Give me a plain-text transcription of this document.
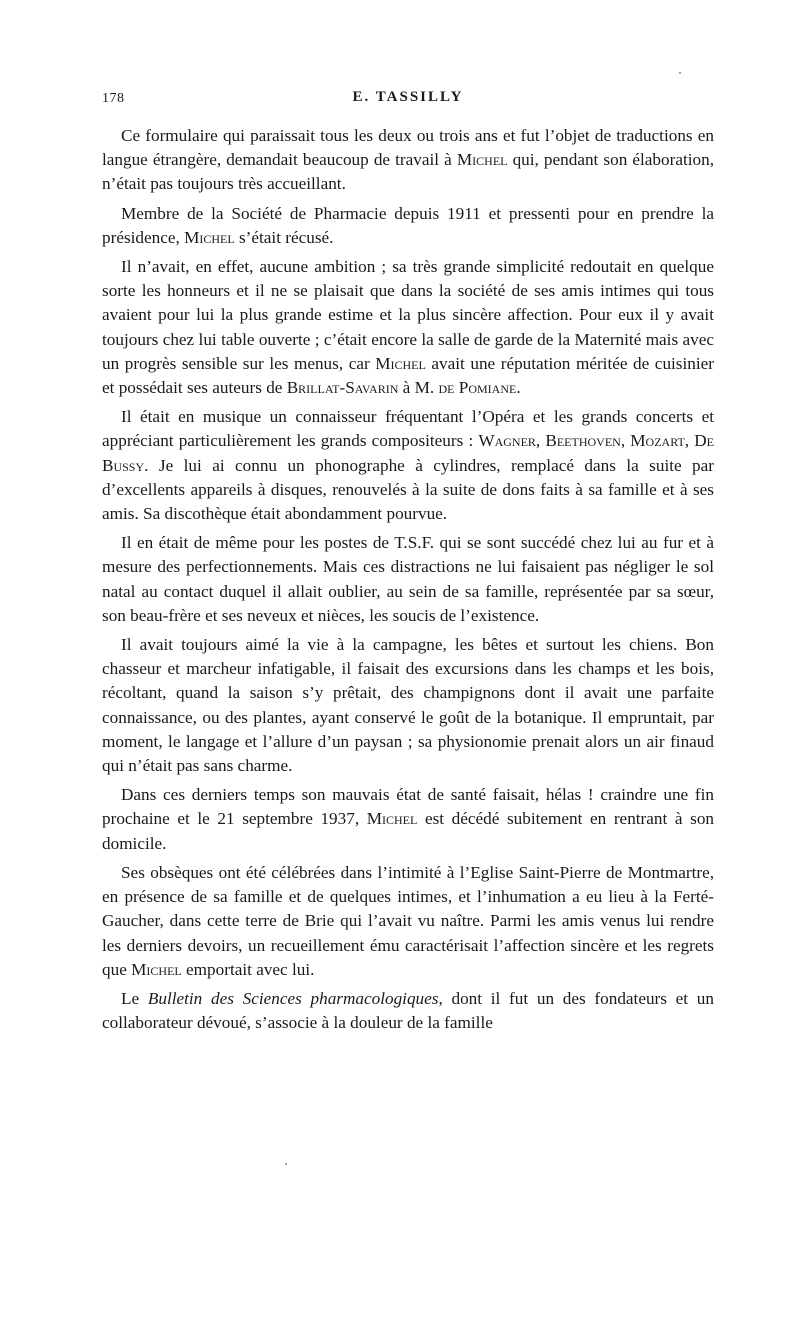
178	E. TASSILLY

Ce formulaire qui paraissait tous les deux ou trois ans et fut l’objet de traductions en langue étrangère, demandait beaucoup de travail à Michel qui, pendant son élaboration, n’était pas toujours très accueillant.

Membre de la Société de Pharmacie depuis 1911 et pressenti pour en prendre la présidence, Michel s’était récusé.

Il n’avait, en effet, aucune ambition ; sa très grande simplicité redoutait en quelque sorte les honneurs et il ne se plaisait que dans la société de ses amis intimes qui tous avaient pour lui la plus grande estime et la plus sincère affection. Pour eux il y avait toujours chez lui table ouverte ; c’était encore la salle de garde de la Maternité mais avec un progrès sensible sur les menus, car Michel avait une réputation méritée de cuisinier et possédait ses auteurs de Brillat-Savarin à M. de Pomiane.

Il était en musique un connaisseur fréquentant l’Opéra et les grands concerts et appréciant particulièrement les grands compositeurs : Wagner, Beethoven, Mozart, De Bussy. Je lui ai connu un phonographe à cylindres, remplacé dans la suite par d’excellents appareils à disques, renouvelés à la suite de dons faits à sa famille et à ses amis. Sa discothèque était abondamment pourvue.

Il en était de même pour les postes de T.S.F. qui se sont succédé chez lui au fur et à mesure des perfectionnements. Mais ces distractions ne lui faisaient pas négliger le sol natal au contact duquel il allait oublier, au sein de sa famille, représentée par sa sœur, son beau-frère et ses neveux et nièces, les soucis de l’existence.

Il avait toujours aimé la vie à la campagne, les bêtes et surtout les chiens. Bon chasseur et marcheur infatigable, il faisait des excursions dans les champs et les bois, récoltant, quand la saison s’y prêtait, des champignons dont il avait une parfaite connaissance, ou des plantes, ayant conservé le goût de la botanique. Il empruntait, par moment, le langage et l’allure d’un paysan ; sa physionomie prenait alors un air finaud qui n’était pas sans charme.

Dans ces derniers temps son mauvais état de santé faisait, hélas ! craindre une fin prochaine et le 21 septembre 1937, Michel est décédé subitement en rentrant à son domicile.

Ses obsèques ont été célébrées dans l’intimité à l’Eglise Saint-Pierre de Montmartre, en présence de sa famille et de quelques intimes, et l’inhumation a eu lieu à la Ferté-Gaucher, dans cette terre de Brie qui l’avait vu naître. Parmi les amis venus lui rendre les derniers devoirs, un recueillement ému caractérisait l’affection sincère et les regrets que Michel emportait avec lui.

Le Bulletin des Sciences pharmacologiques, dont il fut un des fondateurs et un collaborateur dévoué, s’associe à la douleur de la famille
